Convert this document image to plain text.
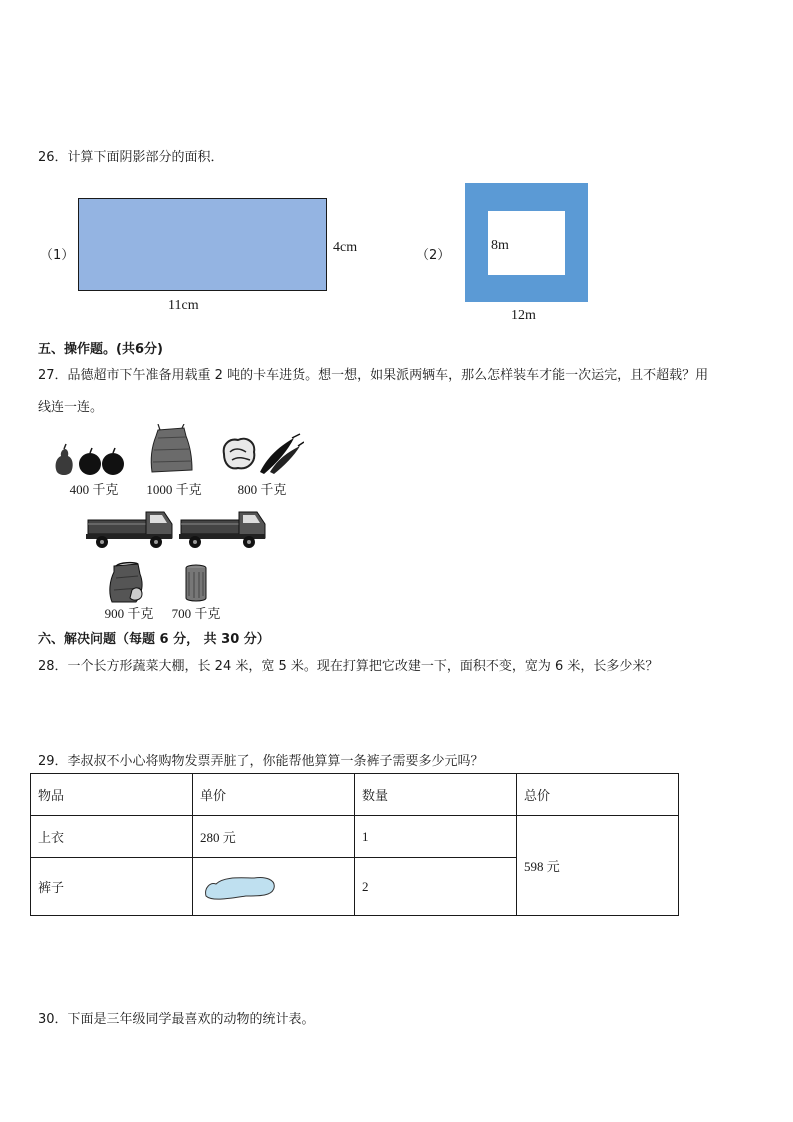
26．计算下面阴影部分的面积．
（1）
4cm
11cm
（2）
8m
12m
五、操作题。(共6分)
27．品德超市下午准备用载重 2 吨的卡车进货。想一想，如果派两辆车，那么怎样装车才能一次运完，且不超载？用
线连一连。
400 千克	1000 千克	800 千克
900 千克	700 千克
六、解决问题（每题 6 分， 共 30 分）
28．一个长方形蔬菜大棚，长 24 米，宽 5 米。现在打算把它改建一下，面积不变，宽为 6 米，长多少米？
29．李叔叔不小心将购物发票弄脏了，你能帮他算算一条裤子需要多少元吗？
物品	单价	数量	总价
上衣	280 元	1	598 元
裤子		2	
30．下面是三年级同学最喜欢的动物的统计表。
